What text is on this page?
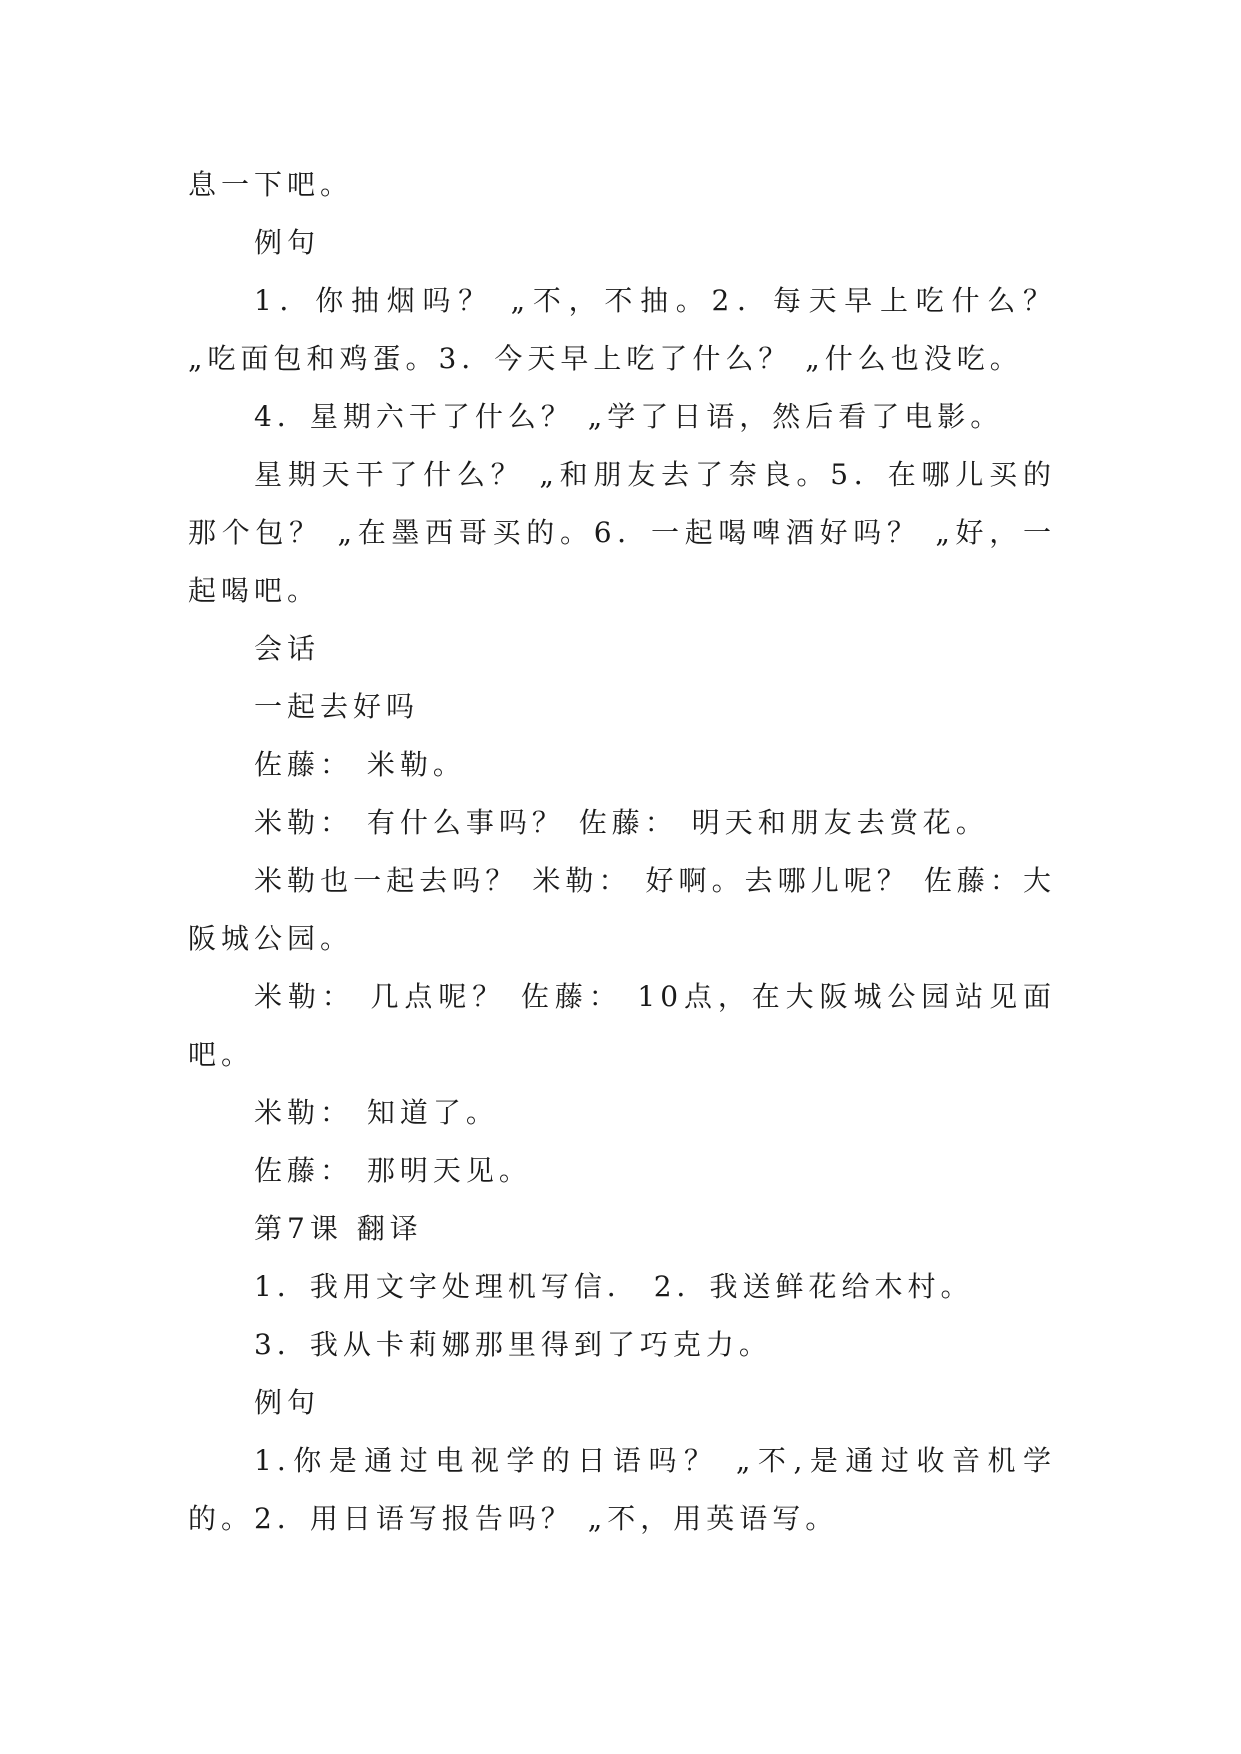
息一下吧。

例句

1．你抽烟吗？ „不，不抽。2．每天早上吃什么？ „吃面包和鸡蛋。3．今天早上吃了什么？ „什么也没吃。

4．星期六干了什么？ „学了日语，然后看了电影。

星期天干了什么？ „和朋友去了奈良。5．在哪儿买的那个包？ „在墨西哥买的。6．一起喝啤酒好吗？ „好，一起喝吧。

会话

一起去好吗

佐藤： 米勒。

米勒： 有什么事吗？ 佐藤： 明天和朋友去赏花。

米勒也一起去吗？ 米勒： 好啊。去哪儿呢？ 佐藤：大阪城公园。

米勒： 几点呢？ 佐藤： 10点，在大阪城公园站见面吧。

米勒： 知道了。

佐藤： 那明天见。

第7课 翻译

1．我用文字处理机写信． 2．我送鲜花给木村。

3．我从卡莉娜那里得到了巧克力。

例句

1.你是通过电视学的日语吗？ „不,是通过收音机学的。2．用日语写报告吗？ „不，用英语写。
